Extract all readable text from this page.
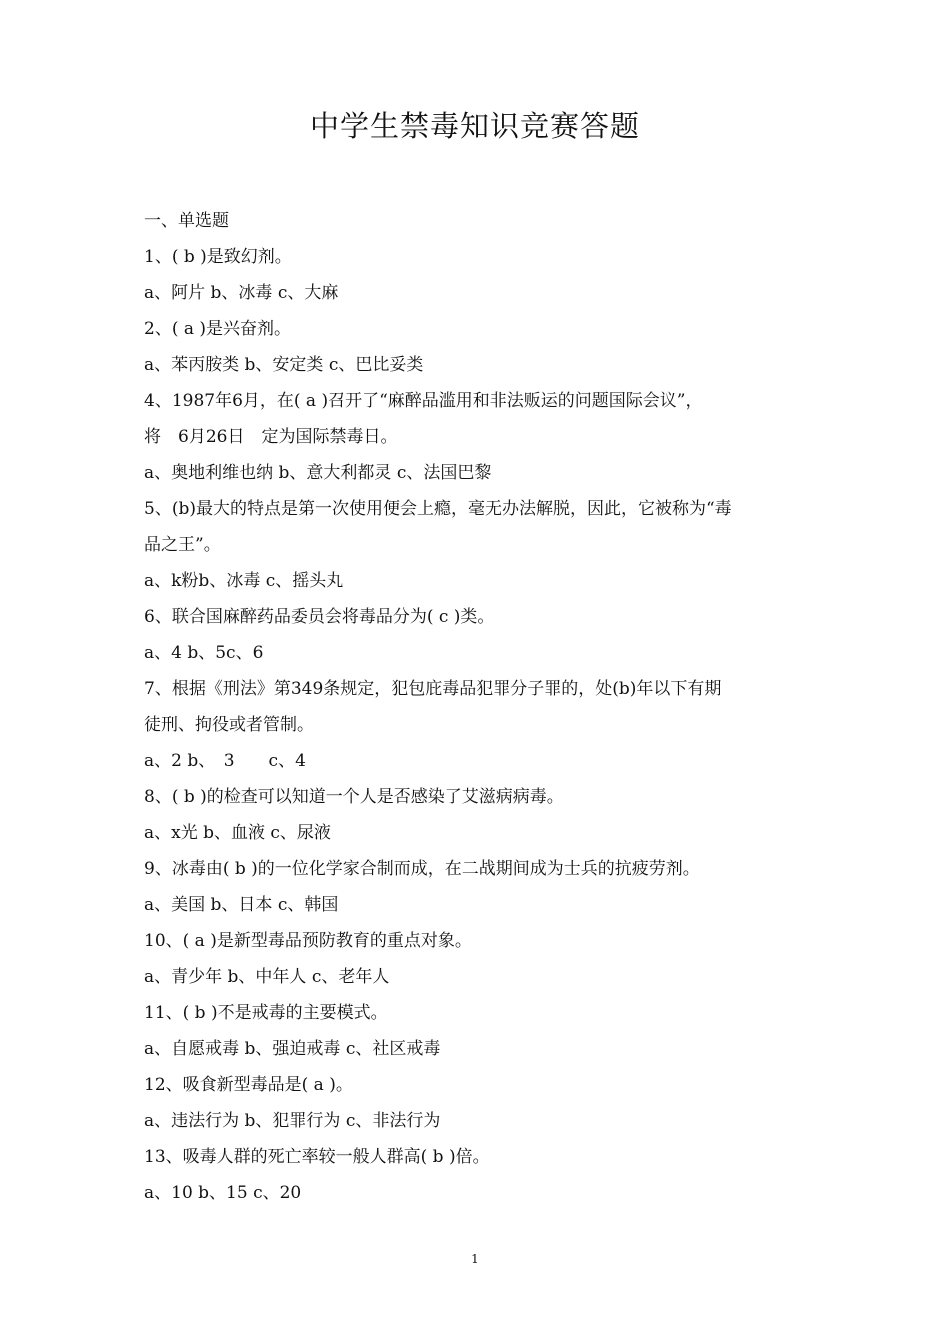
中学生禁毒知识竞赛答题

一、单选题

1、( b )是致幻剂。

a、阿片 b、冰毒 c、大麻

2、( a )是兴奋剂。

a、苯丙胺类 b、安定类 c、巴比妥类

4、1987年6月，在( a )召开了“麻醉品滥用和非法贩运的问题国际会议”，

将　6月26日　定为国际禁毒日。

a、奥地利维也纳 b、意大利都灵 c、法国巴黎

5、(b)最大的特点是第一次使用便会上瘾，毫无办法解脱，因此，它被称为“毒

品之王”。

a、k粉b、冰毒 c、摇头丸

6、联合国麻醉药品委员会将毒品分为( c )类。

a、4 b、5c、6

7、根据《刑法》第349条规定，犯包庇毒品犯罪分子罪的，处(b)年以下有期

徒刑、拘役或者管制。

a、2 b、　3　　c、4

8、( b )的检查可以知道一个人是否感染了艾滋病病毒。

a、x光 b、血液 c、尿液

9、冰毒由( b )的一位化学家合制而成，在二战期间成为士兵的抗疲劳剂。

a、美国 b、日本 c、韩国

10、( a )是新型毒品预防教育的重点对象。

a、青少年 b、中年人 c、老年人

11、( b )不是戒毒的主要模式。

a、自愿戒毒 b、强迫戒毒 c、社区戒毒

12、吸食新型毒品是( a )。

a、违法行为 b、犯罪行为 c、非法行为

13、吸毒人群的死亡率较一般人群高( b )倍。

a、10 b、15 c、20

1
